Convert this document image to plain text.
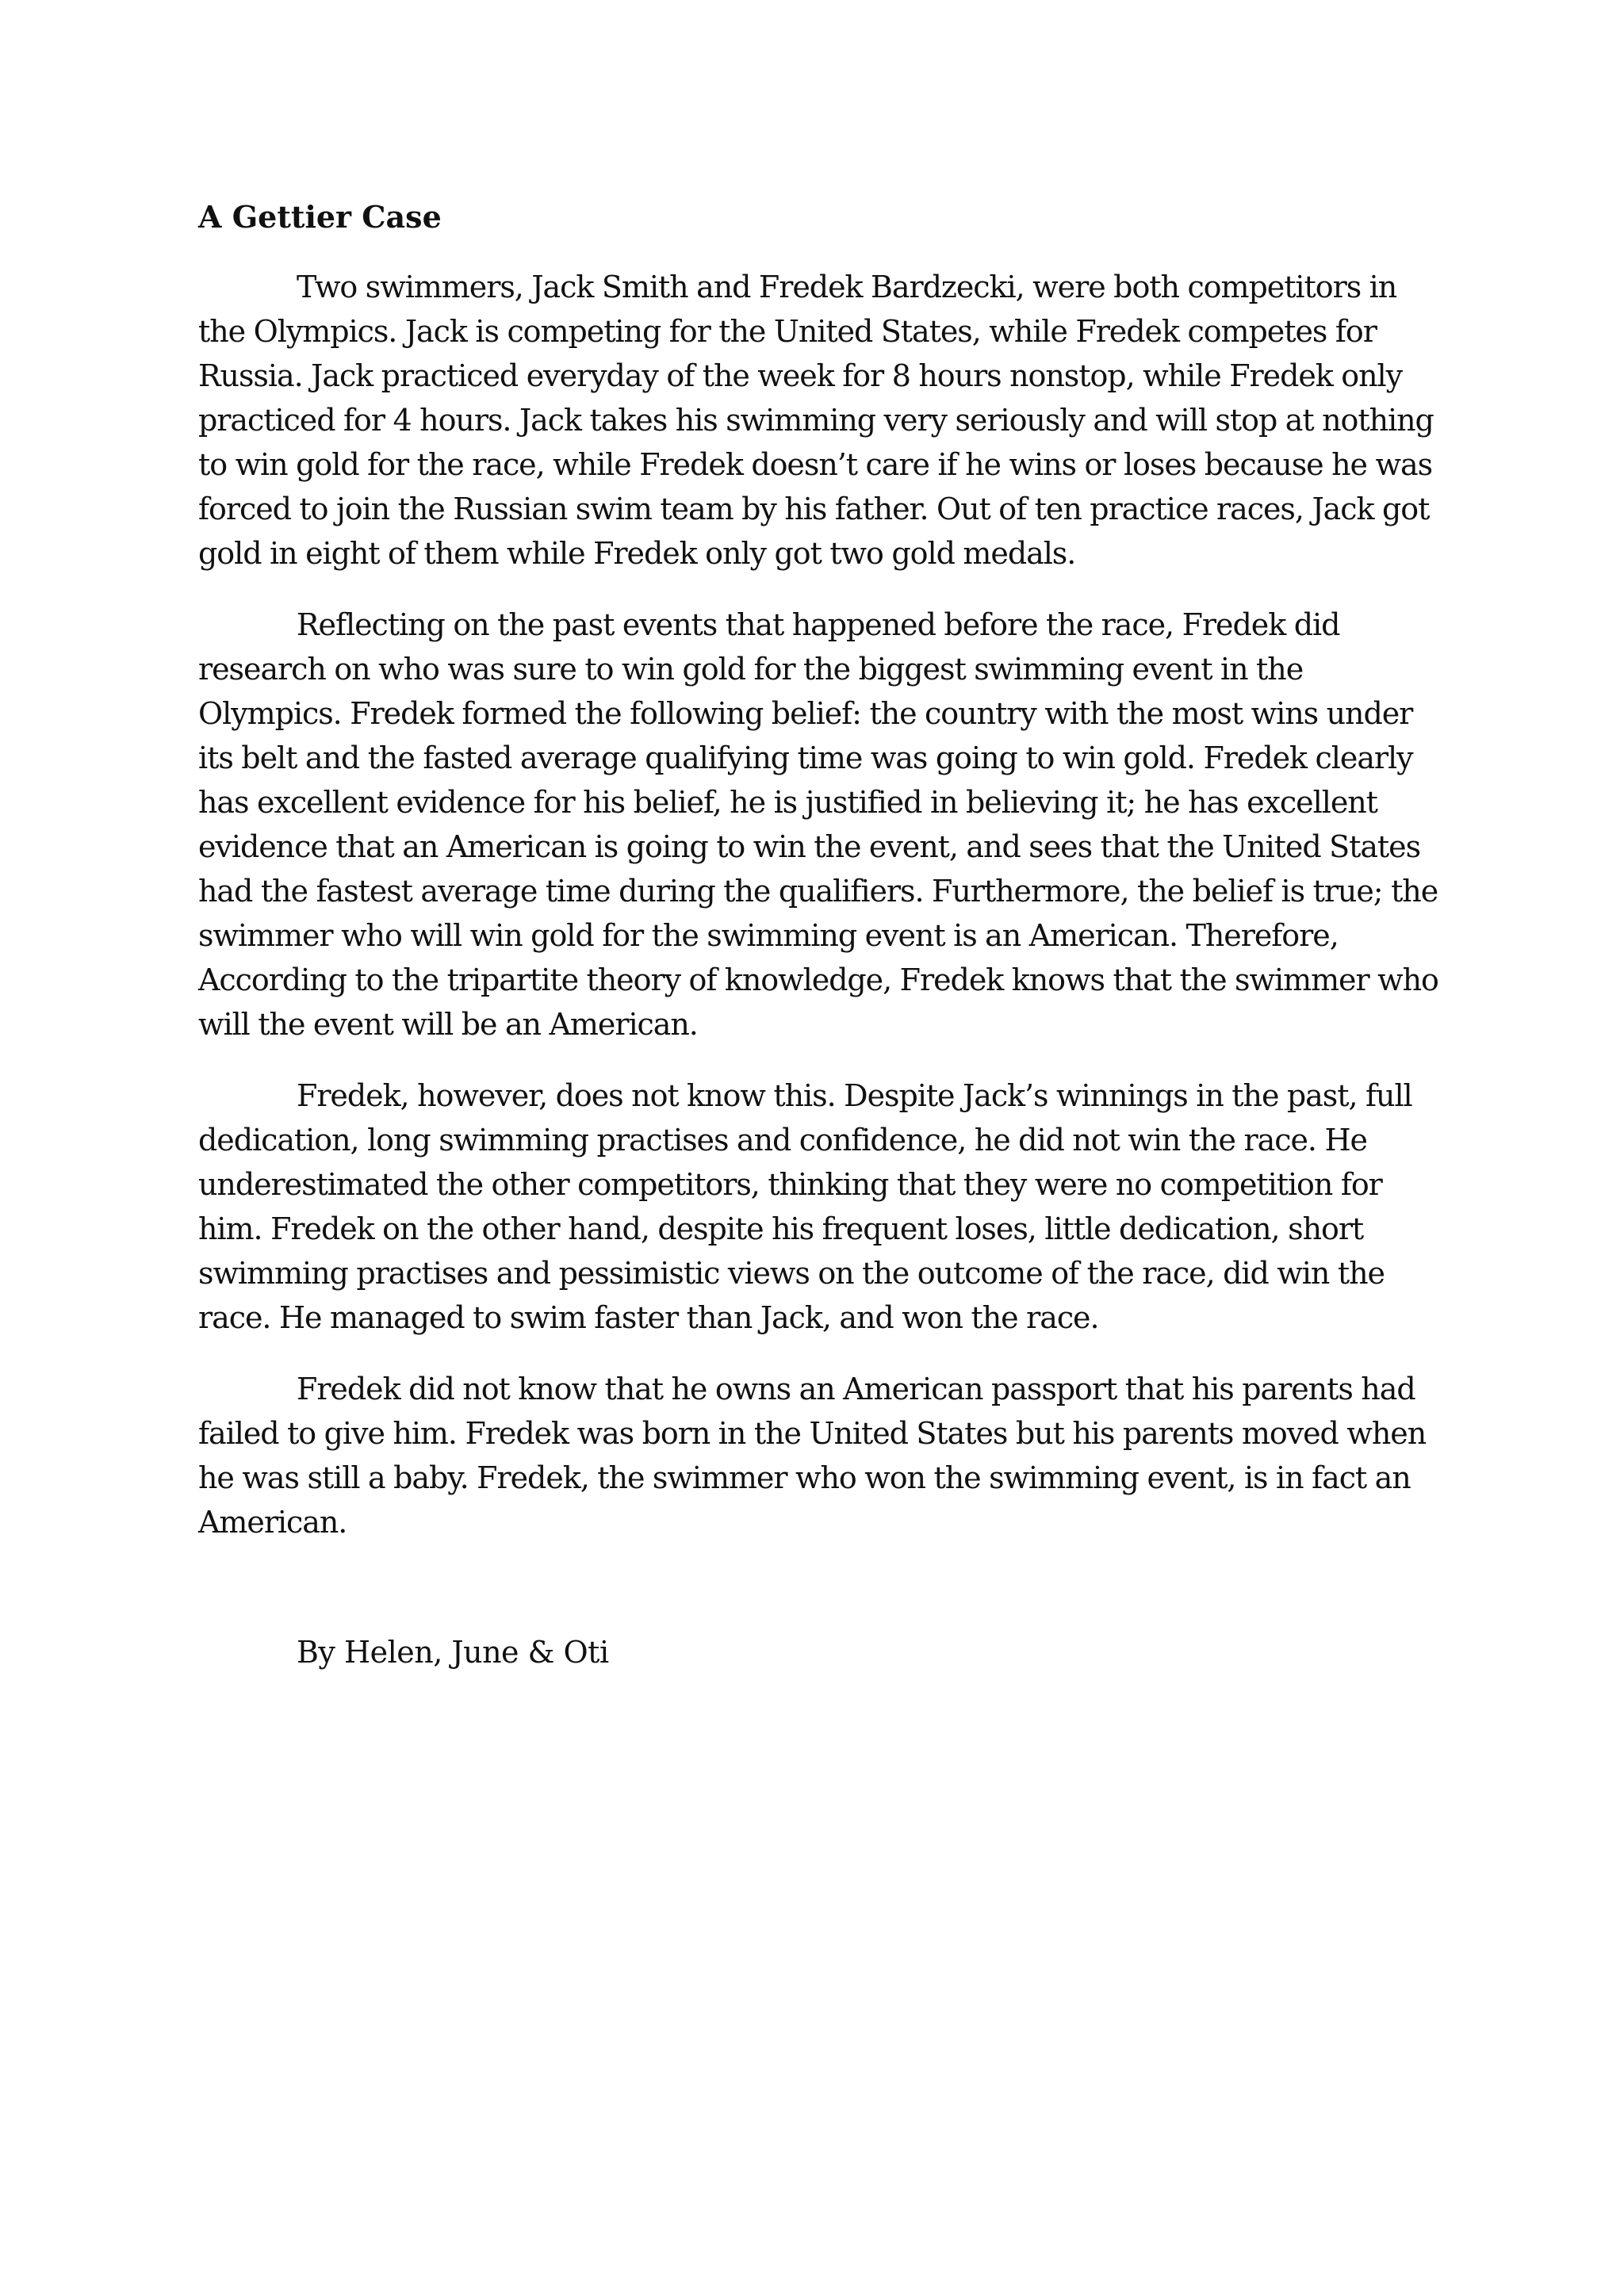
A Gettier Case

Two swimmers, Jack Smith and Fredek Bardzecki, were both competitors in the Olympics. Jack is competing for the United States, while Fredek competes for Russia. Jack practiced everyday of the week for 8 hours nonstop, while Fredek only practiced for 4 hours. Jack takes his swimming very seriously and will stop at nothing to win gold for the race, while Fredek doesn’t care if he wins or loses because he was forced to join the Russian swim team by his father. Out of ten practice races, Jack got gold in eight of them while Fredek only got two gold medals.

Reflecting on the past events that happened before the race, Fredek did research on who was sure to win gold for the biggest swimming event in the Olympics. Fredek formed the following belief: the country with the most wins under its belt and the fasted average qualifying time was going to win gold. Fredek clearly has excellent evidence for his belief, he is justified in believing it; he has excellent evidence that an American is going to win the event, and sees that the United States had the fastest average time during the qualifiers. Furthermore, the belief is true; the swimmer who will win gold for the swimming event is an American. Therefore, According to the tripartite theory of knowledge, Fredek knows that the swimmer who will the event will be an American.

Fredek, however, does not know this. Despite Jack’s winnings in the past, full dedication, long swimming practises and confidence, he did not win the race. He underestimated the other competitors, thinking that they were no competition for him. Fredek on the other hand, despite his frequent loses, little dedication, short swimming practises and pessimistic views on the outcome of the race, did win the race. He managed to swim faster than Jack, and won the race.

Fredek did not know that he owns an American passport that his parents had failed to give him. Fredek was born in the United States but his parents moved when he was still a baby. Fredek, the swimmer who won the swimming event, is in fact an American.

By Helen, June & Oti
